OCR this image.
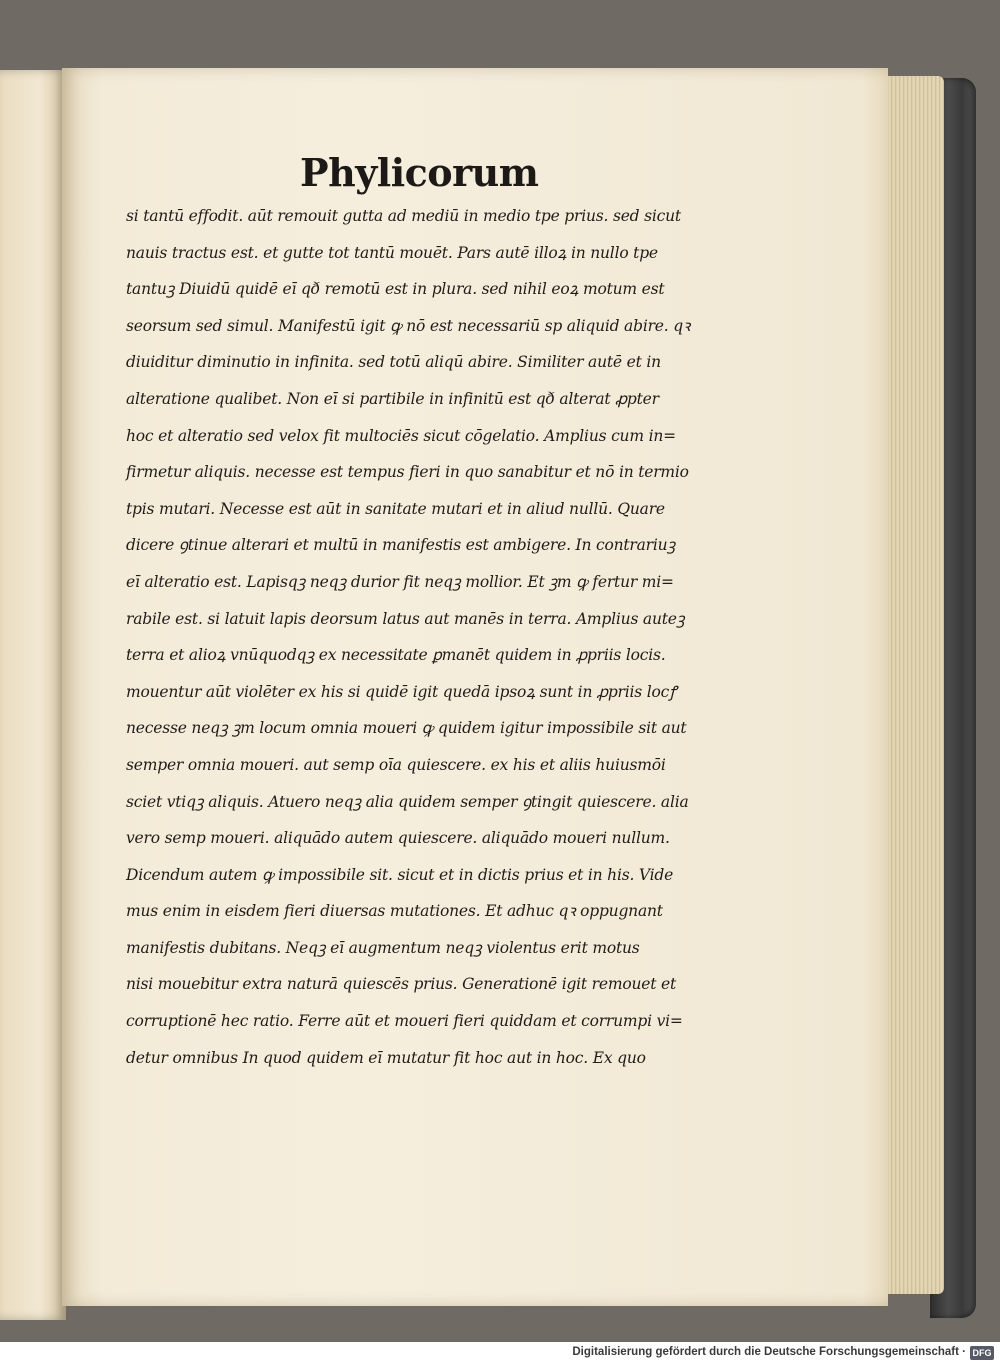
Phylicorum
si tantū effodit. aūt remouit gutta ad mediū in medio tpe prius. sed sicut
nauis tractus est. et gutte tot tantū mouēt. Pars autē illoꝝ in nullo tpe
tantuꝫ Diuidū quidē eī qð remotū est in plura. sed nihil eoꝝ motum est
seorsum sed simul. Manifestū igit ꝙ nō est necessariū sp aliquid abire. qꝛ
diuiditur diminutio in infinita. sed totū aliqū abire. Similiter autē et in
alteratione qualibet. Non eī si partibile in infinitū est qð alterat ꝓpter
hoc et alteratio sed velox fit multociēs sicut cōgelatio. Amplius cum in=
firmetur aliquis. necesse est tempus fieri in quo sanabitur et nō in termio
tpis mutari. Necesse est aūt in sanitate mutari et in aliud nullū. Quare
dicere ꝯtinue alterari et multū in manifestis est ambigere. In contrariuꝫ
eī alteratio est. Lapisqꝫ neqꝫ durior fit neqꝫ mollior. Et ꝫm ꝙ fertur mi=
rabile est. si latuit lapis deorsum latus aut manēs in terra. Amplius auteꝫ
terra et alioꝝ vnūquodqꝫ ex necessitate ꝑmanēt quidem in ꝓpriis locis.
mouentur aūt violēter ex his si quidē igit quedā ipsoꝝ sunt in ꝓpriis locꝭ
necesse neqꝫ ꝫm locum omnia moueri ꝙ quidem igitur impossibile sit aut
semper omnia moueri. aut semp oīa quiescere. ex his et aliis huiusmōi
sciet vtiqꝫ aliquis. Atuero neqꝫ alia quidem semper ꝯtingit quiescere. alia
vero semp moueri. aliquādo autem quiescere. aliquādo moueri nullum.
Dicendum autem ꝙ impossibile sit. sicut et in dictis prius et in his. Vide
mus enim in eisdem fieri diuersas mutationes. Et adhuc qꝛ oppugnant
manifestis dubitans. Neqꝫ eī augmentum neqꝫ violentus erit motus
nisi mouebitur extra naturā quiescēs prius. Generationē igit remouet et
corruptionē hec ratio. Ferre aūt et moueri fieri quiddam et corrumpi vi=
detur omnibus In quod quidem eī mutatur fit hoc aut in hoc. Ex quo
Digitalisierung gefördert durch die Deutsche Forschungsgemeinschaft · DFG
